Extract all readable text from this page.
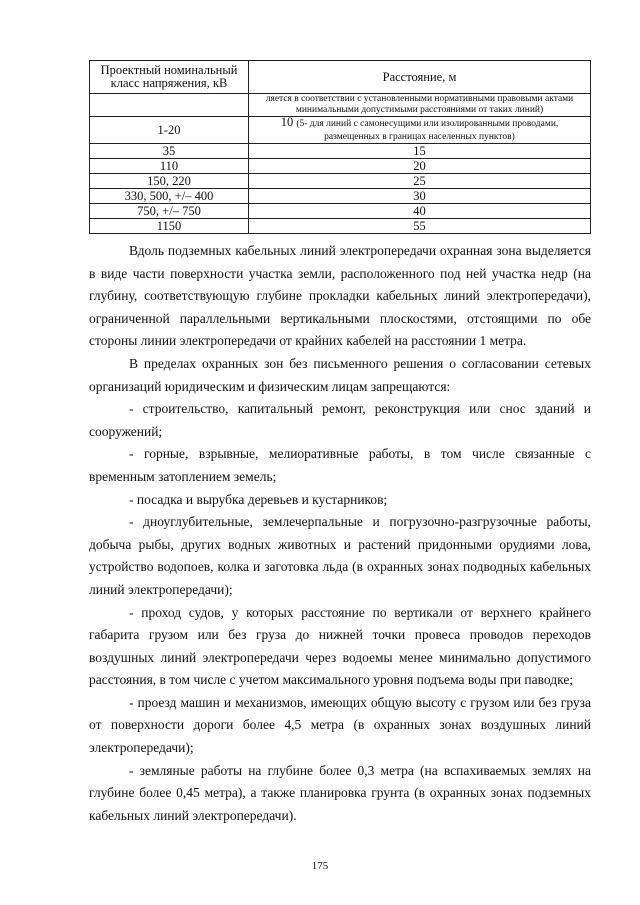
Проектный номинальный класс напряжения, кВ	Расстояние, м
	ляется в соответствии с установленными нормативными правовыми актами минимальными допустимыми расстояниями от таких линий)
1-20	10 (5- для линий с самонесущими или изолированными проводами, размещенных в границах населенных пунктов)
35	15
110	20
150, 220	25
330, 500, +/– 400	30
750, +/– 750	40
1150	55

Вдоль подземных кабельных линий электропередачи охранная зона выделяется в виде части поверхности участка земли, расположенного под ней участка недр (на глубину, соответствующую глубине прокладки кабельных линий электропередачи), ограниченной параллельными вертикальными плоскостями, отстоящими по обе стороны линии электропередачи от крайних кабелей на расстоянии 1 метра.

В пределах охранных зон без письменного решения о согласовании сетевых организаций юридическим и физическим лицам запрещаются:

- строительство, капитальный ремонт, реконструкция или снос зданий и сооружений;

- горные, взрывные, мелиоративные работы, в том числе связанные с временным затоплением земель;

- посадка и вырубка деревьев и кустарников;

- дноуглубительные, землечерпальные и погрузочно-разгрузочные работы, добыча рыбы, других водных животных и растений придонными орудиями лова, устройство водопоев, колка и заготовка льда (в охранных зонах подводных кабельных линий электропередачи);

- проход судов, у которых расстояние по вертикали от верхнего крайнего габарита грузом или без груза до нижней точки провеса проводов переходов воздушных линий электропередачи через водоемы менее минимально допустимого расстояния, в том числе с учетом максимального уровня подъема воды при паводке;

- проезд машин и механизмов, имеющих общую высоту с грузом или без груза от поверхности дороги более 4,5 метра (в охранных зонах воздушных линий электропередачи);

- земляные работы на глубине более 0,3 метра (на вспахиваемых землях на глубине более 0,45 метра), а также планировка грунта (в охранных зонах подземных кабельных линий электропередачи).

175
